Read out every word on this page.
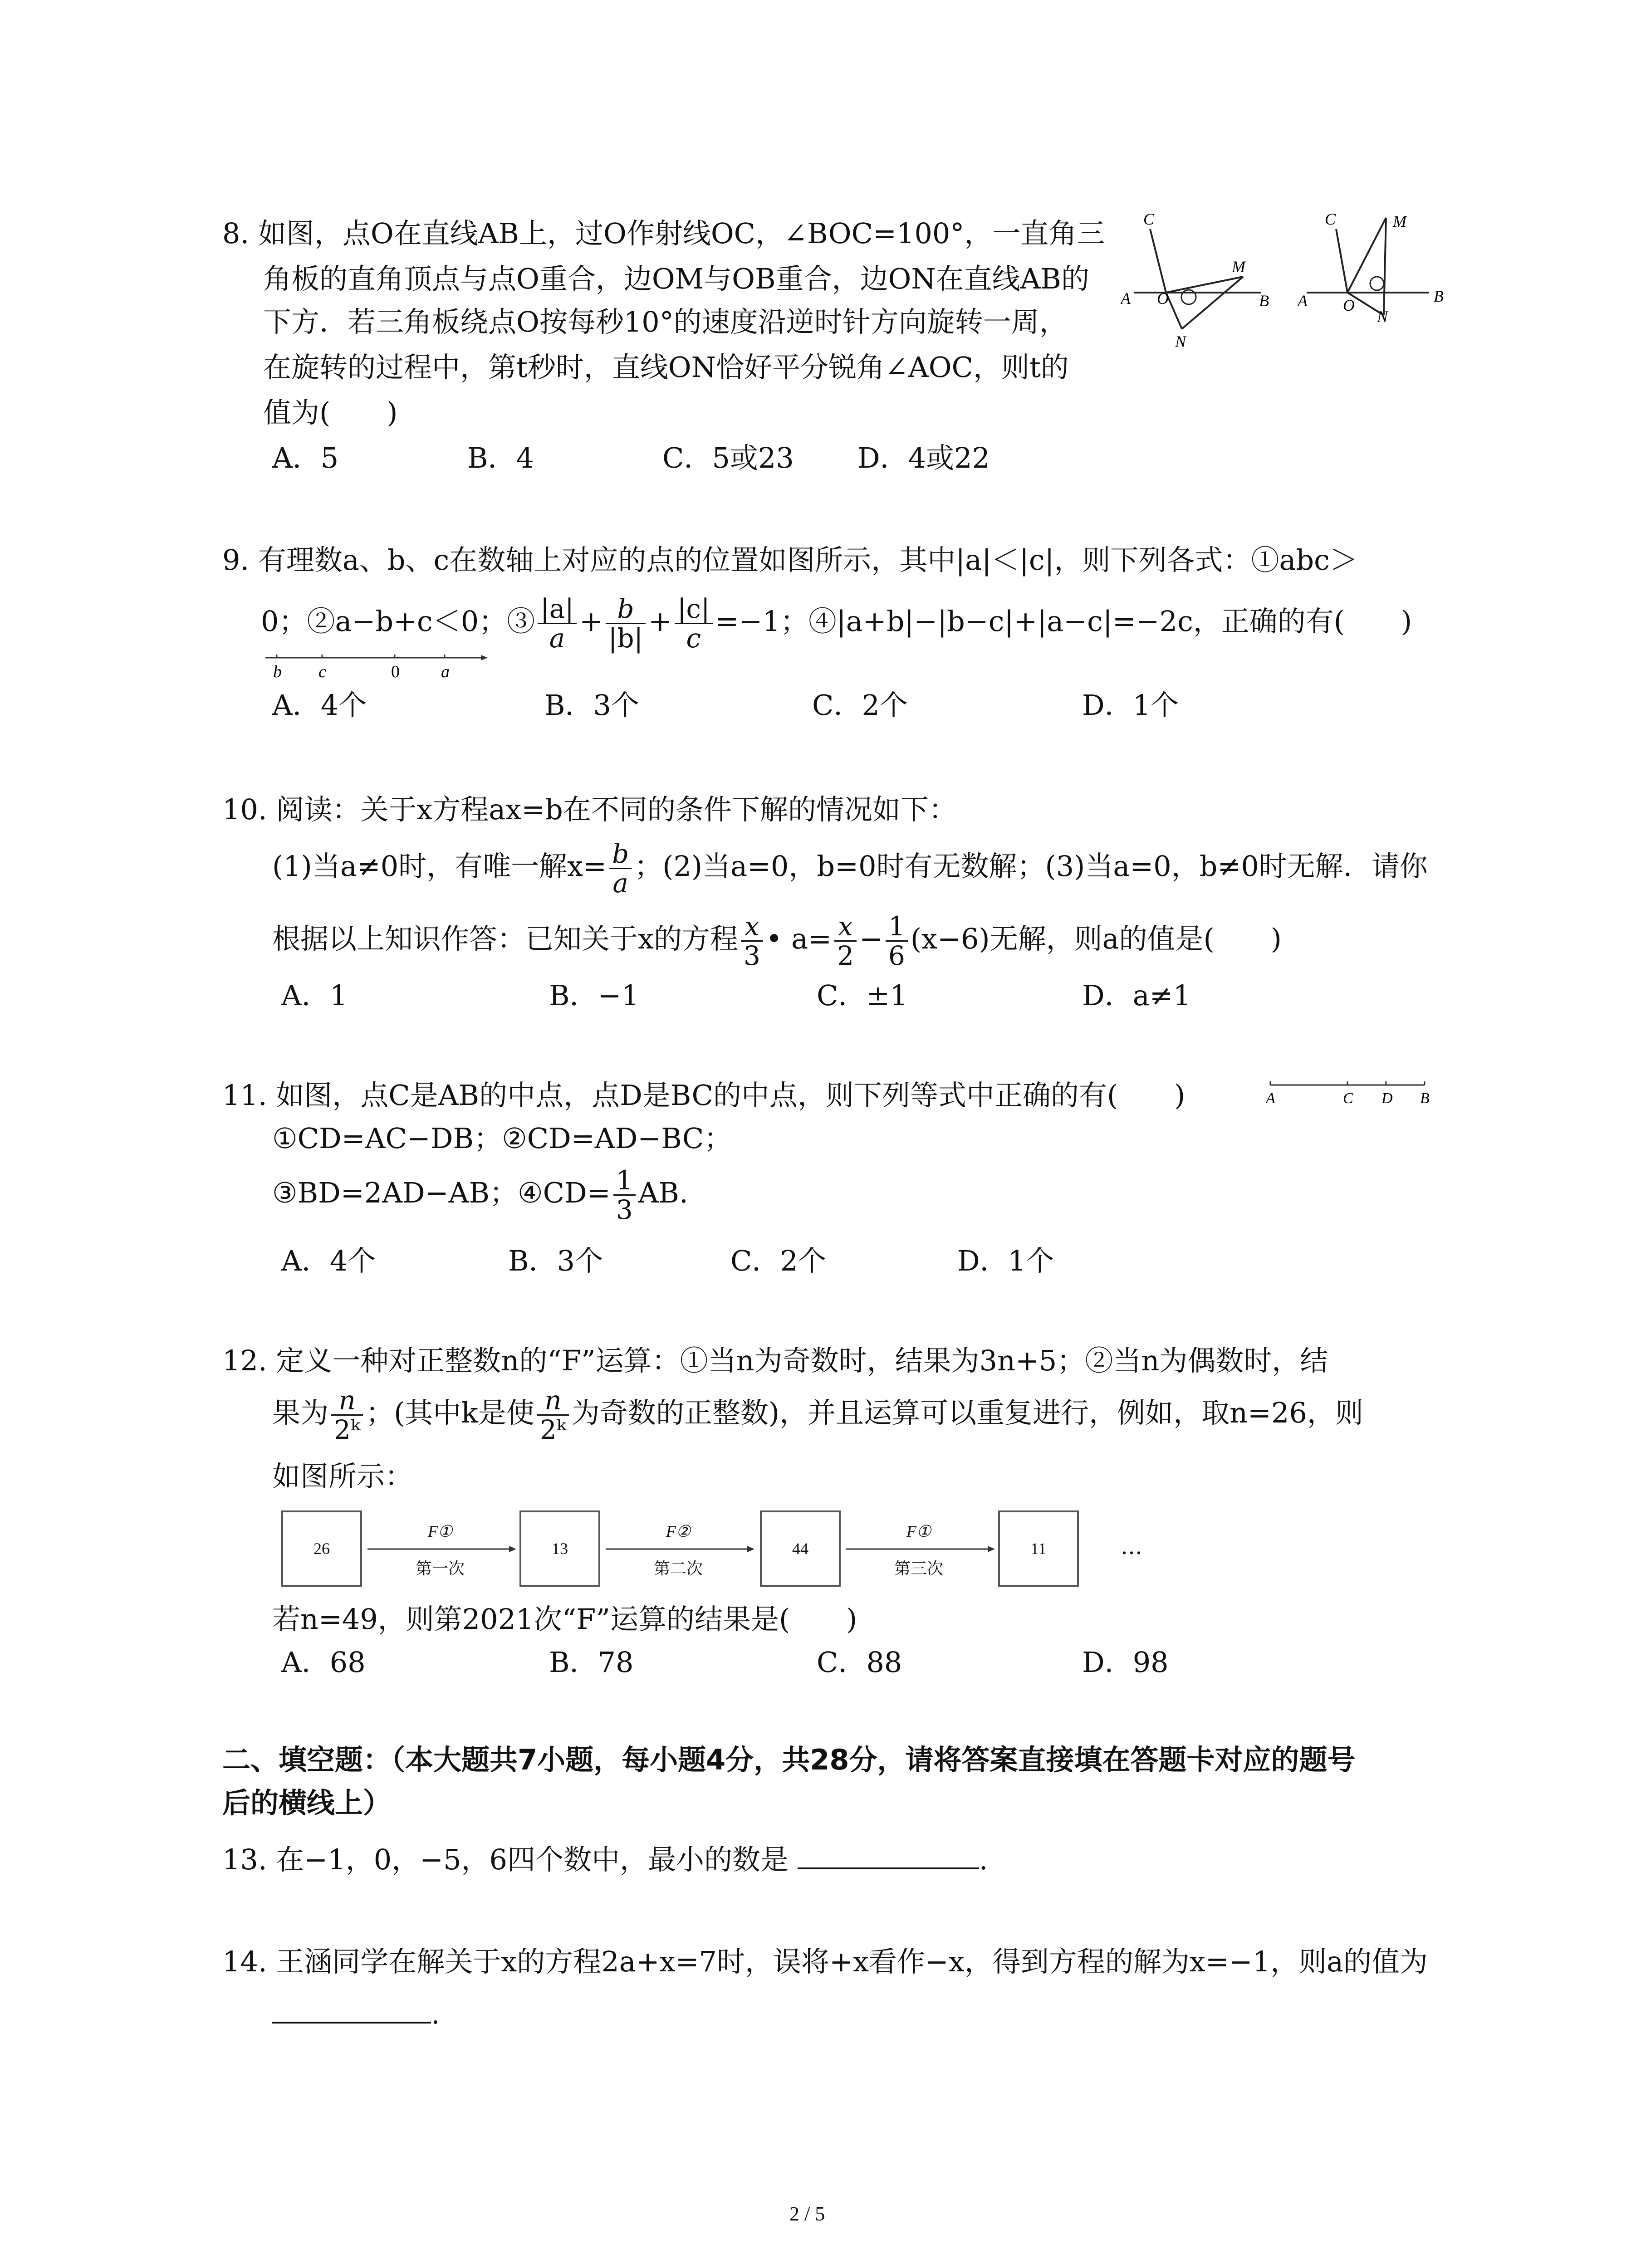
8. 如图，点O在直线AB上，过O作射线OC，∠BOC=100°，一直角三
角板的直角顶点与点O重合，边OM与OB重合，边ON在直线AB的
下方．若三角板绕点O按每秒10°的速度沿逆时针方向旋转一周，
在旋转的过程中，第t秒时，直线ON恰好平分锐角∠AOC，则t的
值为(　　)
A．5	B．4	C．5或23 D．4或22
A O	B
C
M
N
A O	B
C	M
N
9. 有理数a、b、c在数轴上对应的点的位置如图所示，其中|a|＜|c|，则下列各式：①abc＞
0；②a−b+c＜0；③ $\frac{|a|}{a} + \frac{b}{|b|} + \frac{|c|}{c} =-1$；④|a+b|−|b−c|+|a−c|=−2c，正确的有(　　)
b c	0 a
A．4个	B．3个	C．2个	D．1个
10. 阅读：关于x方程ax=b在不同的条件下解的情况如下：
(1)当a≠0时，有唯一解$x= \frac{b}{a}$ ；(2)当a=0，b=0时有无数解；(3)当a=0，b≠0时无解．请你
根据以上知识作答：已知关于x的方程 $\frac{x}{3}$ • $a= \frac{x}{2} - \frac{1}{6} (x-6)$无解，则a的值是(　　)
A．1	B．−1	C．±1	D．a≠1
11. 如图，点C是AB的中点，点D是BC的中点，则下列等式中正确的有(　　)
①CD=AC−DB；②CD=AD−BC；
③BD=2AD−AB；④CD= $\frac{1}{3}$ AB.
A	C D B
A．4个	B．3个	C．2个	D．1个
12. 定义一种对正整数n的“F”运算：①当n为奇数时，结果为3n+5；②当n为偶数时，结
果为 $\frac{n}{\text{2ᵏ}}$ ；(其中k是使 $\frac{n}{\text{2ᵏ}}$ 为奇数的正整数)，并且运算可以重复进行，例如，取n=26，则
如图所示：
26	13	44	11
F①	F②	F①
第一次	第二次	第三次
…
若n=49，则第2021次“F”运算的结果是(　　)
A．68	B．78	C．88	D．98
二、填空题：（本大题共7小题，每小题4分，共28分，请将答案直接填在答题卡对应的题号
后的横线上）
13. 在−1，0，−5，6四个数中，最小的数是	.
14. 王涵同学在解关于x的方程2a+x=7时，误将+x看作−x，得到方程的解为x=−1，则a的值为
.
2 / 5
